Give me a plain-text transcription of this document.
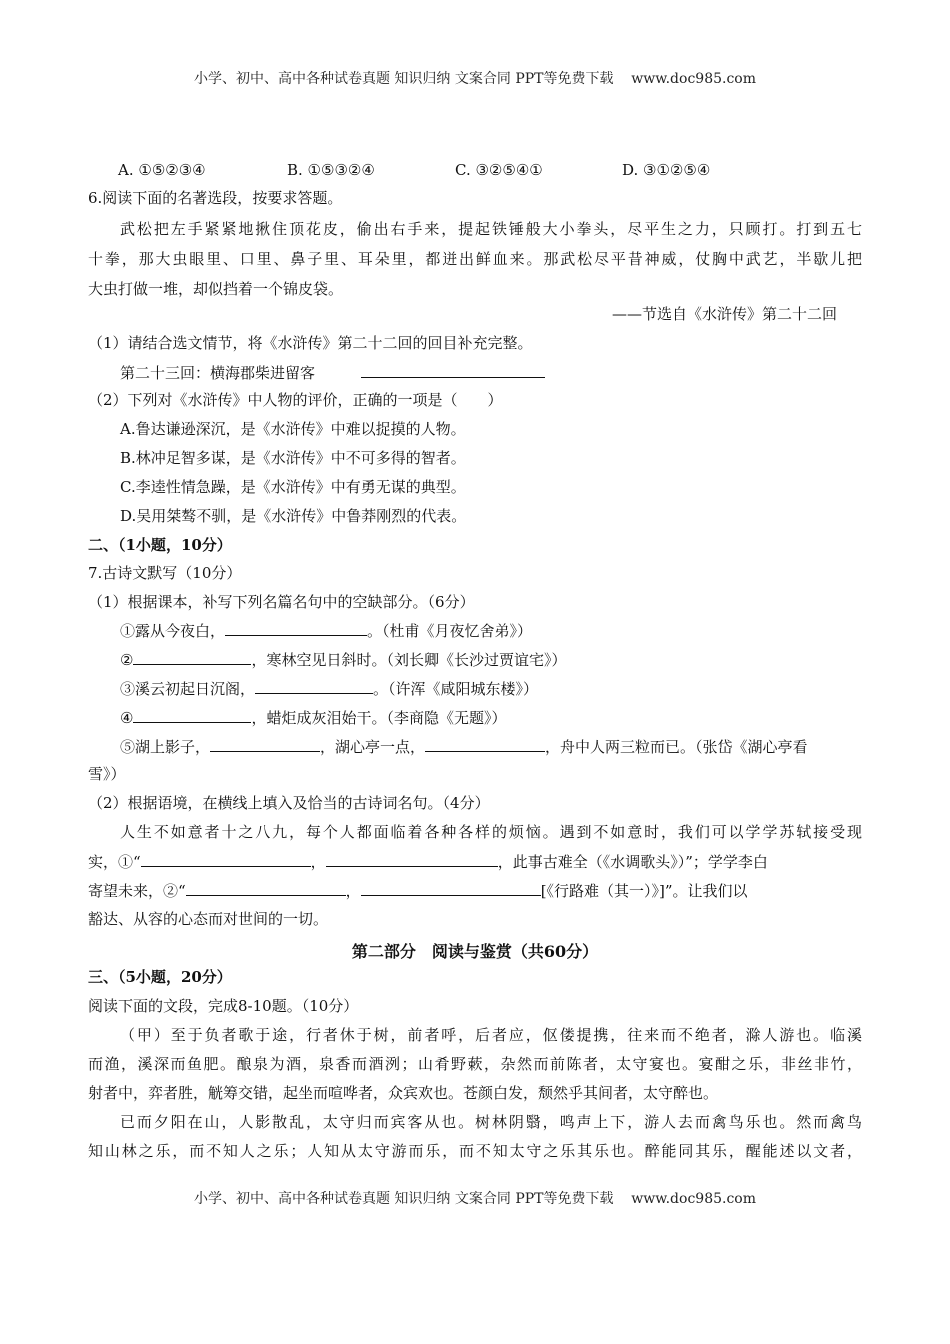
小学、初中、高中各种试卷真题 知识归纳 文案合同 PPT等免费下载    www.doc985.com
A. ①⑤②③④	B. ①⑤③②④	C. ③②⑤④①	D. ③①②⑤④
6.阅读下面的名著选段，按要求答题。
武松把左手紧紧地揪住顶花皮，偷出右手来，提起铁锤般大小拳头，尽平生之力，只顾打。打到五七
十拳，那大虫眼里、口里、鼻子里、耳朵里，都迸出鲜血来。那武松尽平昔神威，仗胸中武艺，半歇儿把
大虫打做一堆，却似挡着一个锦皮袋。
——节选自《水浒传》第二十二回
（1）请结合选文情节，将《水浒传》第二十二回的回目补充完整。
第二十三回：横海郡柴进留客
（2）下列对《水浒传》中人物的评价，正确的一项是（　　）
A.鲁达谦逊深沉，是《水浒传》中难以捉摸的人物。
B.林冲足智多谋，是《水浒传》中不可多得的智者。
C.李逵性情急躁，是《水浒传》中有勇无谋的典型。
D.吴用桀骜不驯，是《水浒传》中鲁莽刚烈的代表。
二、（1小题，10分）
7.古诗文默写（10分）
（1）根据课本，补写下列名篇名句中的空缺部分。（6分）
①露从今夜白，	。（杜甫《月夜忆舍弟》）
②	，寒林空见日斜时。（刘长卿《长沙过贾谊宅》）
③溪云初起日沉阁，	。（许浑《咸阳城东楼》）
④	，蜡炬成灰泪始干。（李商隐《无题》）
⑤湖上影子，	，湖心亭一点，	，舟中人两三粒而已。（张岱《湖心亭看
雪》）
（2）根据语境，在横线上填入及恰当的古诗词名句。（4分）
人生不如意者十之八九，每个人都面临着各种各样的烦恼。遇到不如意时，我们可以学学苏轼接受现
实，①“	，	，此事古难全（《水调歌头》）”；学学李白
寄望未来，②“	，	[《行路难（其一）》]”。让我们以
豁达、从容的心态而对世间的一切。
第二部分　阅读与鉴赏（共60分）
三、（5小题，20分）
阅读下面的文段，完成8-10题。（10分）
（甲）至于负者歌于途，行者休于树，前者呼，后者应，伛偻提携，往来而不绝者，滁人游也。临溪
而渔，溪深而鱼肥。酿泉为酒，泉香而酒洌；山肴野蔌，杂然而前陈者，太守宴也。宴酣之乐，非丝非竹，
射者中，弈者胜，觥筹交错，起坐而喧哗者，众宾欢也。苍颜白发，颓然乎其间者，太守醉也。
已而夕阳在山，人影散乱，太守归而宾客从也。树林阴翳，鸣声上下，游人去而禽鸟乐也。然而禽鸟
知山林之乐，而不知人之乐；人知从太守游而乐，而不知太守之乐其乐也。醉能同其乐，醒能述以文者，
小学、初中、高中各种试卷真题 知识归纳 文案合同 PPT等免费下载    www.doc985.com
